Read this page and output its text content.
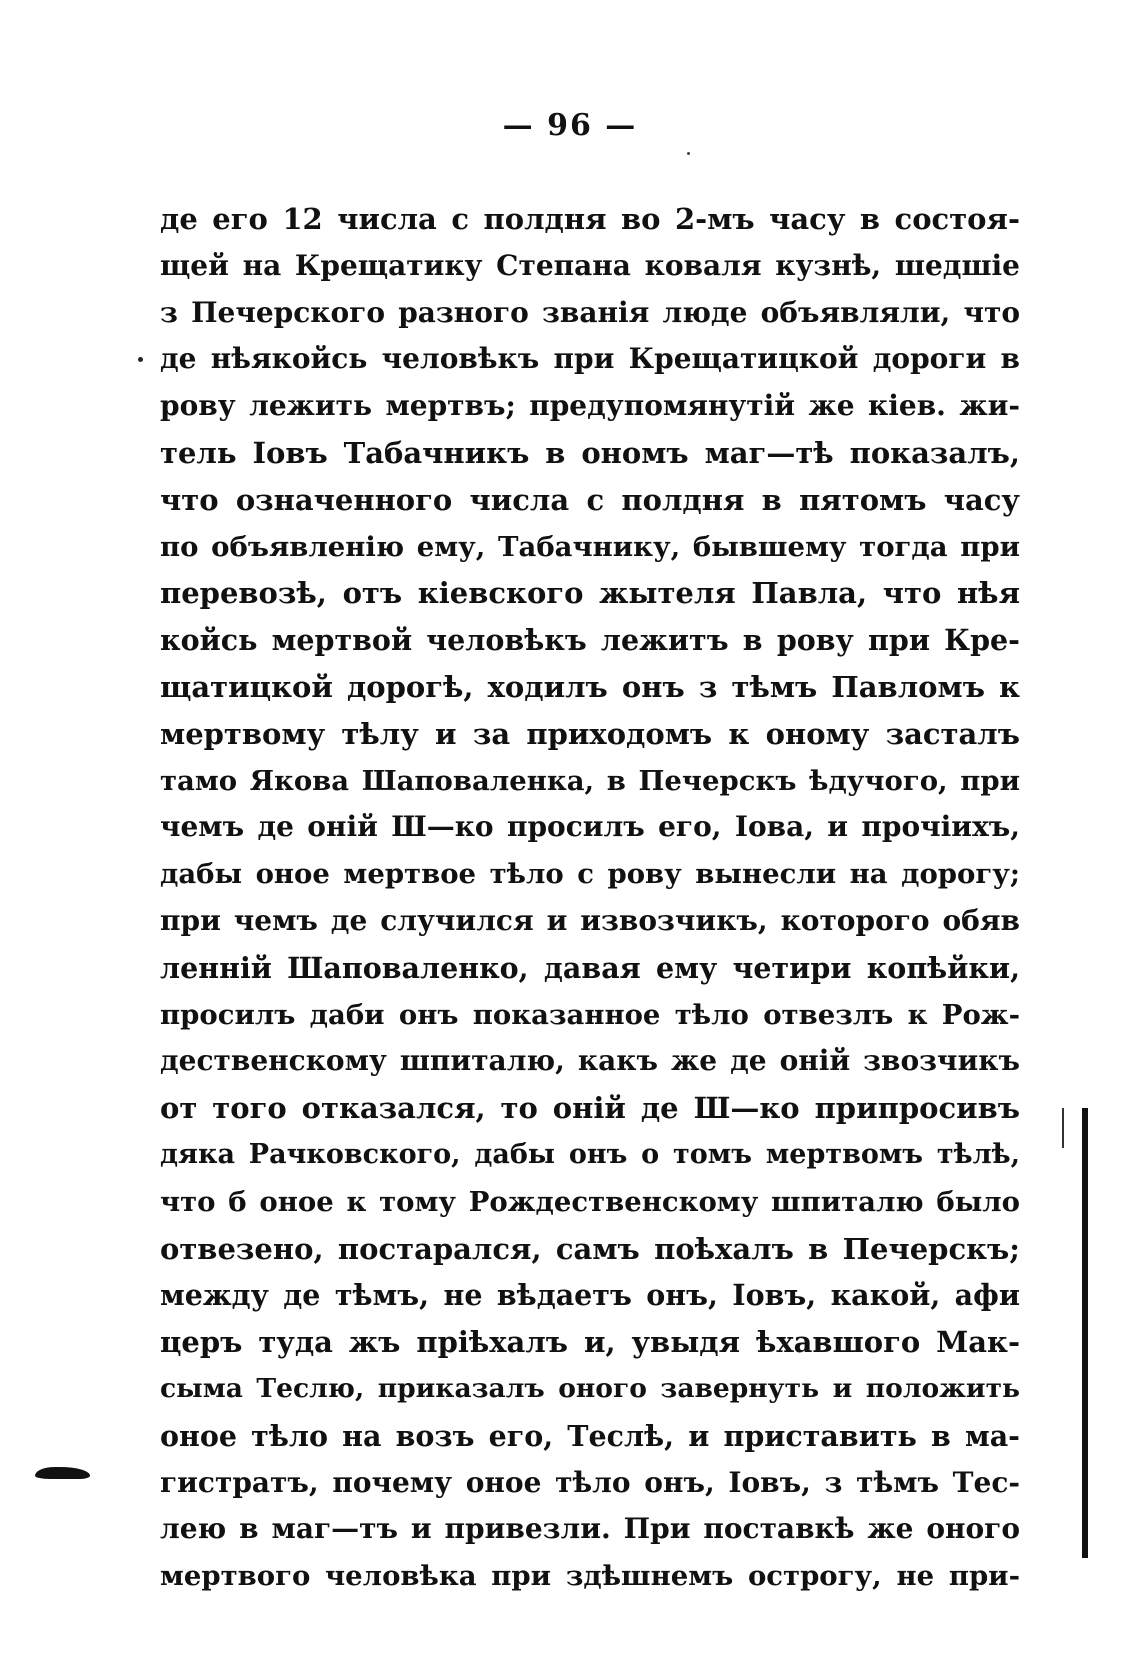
— 96 —
де его 12 числа с полдня во 2-мъ часу в состоя-
щей на Крещатику Степана коваля кузнѣ, шедшіе
з Печерского разного званія люде объявляли, что
де нѣякойсь человѣкъ при Крещатицкой дороги в
рову лежить мертвъ; предупомянутій же кіев. жи-
тель Іовъ Табачникъ в ономъ маг—тѣ показалъ,
что означенного числа с полдня в пятомъ часу
по объявленію ему, Табачнику, бывшему тогда при
перевозѣ, отъ кіевского жытеля Павла, что нѣя
койсь мертвой человѣкъ лежитъ в рову при Кре-
щатицкой дорогѣ, ходилъ онъ з тѣмъ Павломъ к
мертвому тѣлу и за приходомъ к оному засталъ
тамо Якова Шаповаленка, в Печерскъ ѣдучого, при
чемъ де оній Ш—ко просилъ его, Іова, и прочіихъ,
дабы оное мертвое тѣло с рову вынесли на дорогу;
при чемъ де случился и извозчикъ, которого обяв
ленній Шаповаленко, давая ему четири копѣйки,
просилъ даби онъ показанное тѣло отвезлъ к Рож-
дественскому шпиталю, какъ же де оній звозчикъ
от того отказался, то оній де Ш—ко припросивъ
дяка Рачковского, дабы онъ о томъ мертвомъ тѣлѣ,
что б оное к тому Рождественскому шпиталю было
отвезено, постарался, самъ поѣхалъ в Печерскъ;
между де тѣмъ, не вѣдаетъ онъ, Іовъ, какой, афи
церъ туда жъ пріѣхалъ и, увыдя ѣхавшого Мак-
сыма Теслю, приказалъ оного завернуть и положить
оное тѣло на возъ его, Теслѣ, и приставить в ма-
гистратъ, почему оное тѣло онъ, Іовъ, з тѣмъ Тес-
лею в маг—тъ и привезли. При поставкѣ же оного
мертвого человѣка при здѣшнемъ острогу, не при-
